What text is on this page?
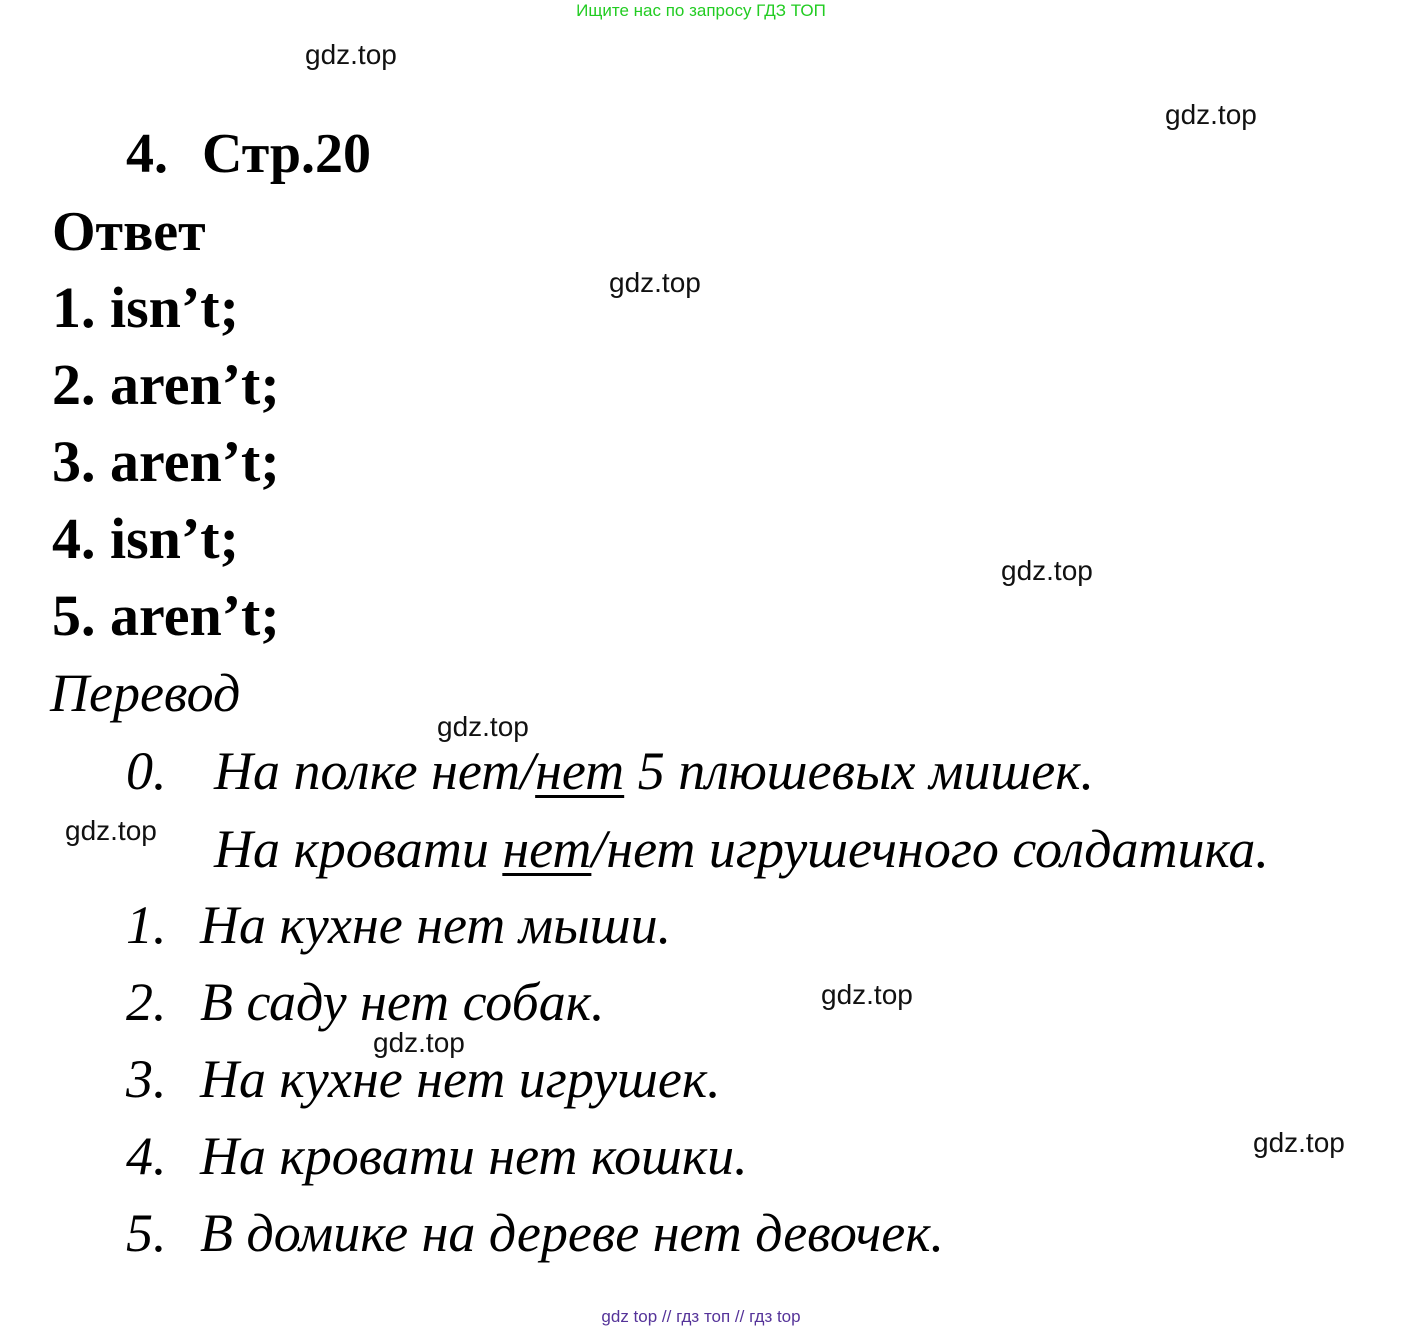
Ищите нас по запросу ГДЗ ТОП
gdz.top
gdz.top
gdz.top
gdz.top
gdz.top
gdz.top
gdz.top
gdz.top
gdz.top
4. Стр.20
Ответ
1. isn’t;
2. aren’t;
3. aren’t;
4. isn’t;
5. aren’t;
Перевод
0. На полке нет/нет 5 плюшевых мишек.
На кровати нет/нет игрушечного солдатика.
1. На кухне нет мыши.
2. В саду нет собак.
3. На кухне нет игрушек.
4. На кровати нет кошки.
5. В домике на дереве нет девочек.
gdz top // гдз топ // гдз top
